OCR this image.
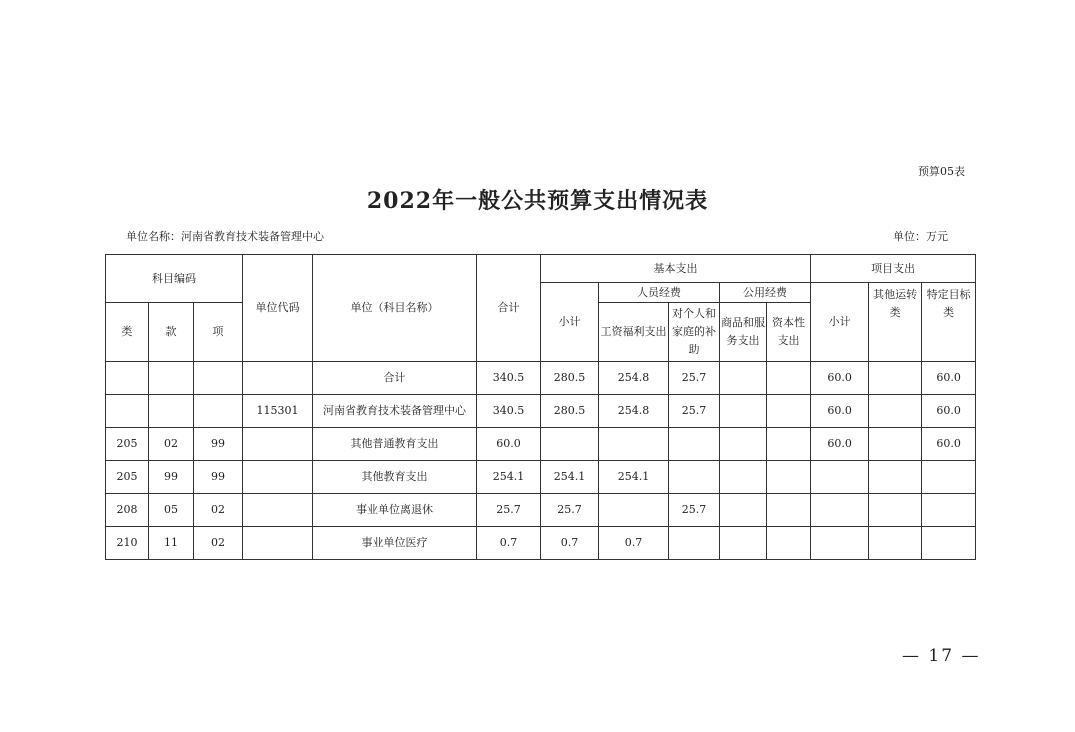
预算05表
2022年一般公共预算支出情况表
单位名称：河南省教育技术装备管理中心	单位：万元
科目编码			单位代码	单位（科目名称）	合计	基本支出					项目支出		
						小计	人员经费		公用经费		小计	其他运转类	特定目标类
类	款	项					工资福利支出	对个人和家庭的补助	商品和服务支出	资本性支出			
				合计	340.5	280.5	254.8	25.7			60.0		60.0
			115301	河南省教育技术装备管理中心	340.5	280.5	254.8	25.7			60.0		60.0
205	02	99		其他普通教育支出	60.0						60.0		60.0
205	99	99		其他教育支出	254.1	254.1	254.1						
208	05	02		事业单位离退休	25.7	25.7		25.7					
210	11	02		事业单位医疗	0.7	0.7	0.7						
— 17 —
